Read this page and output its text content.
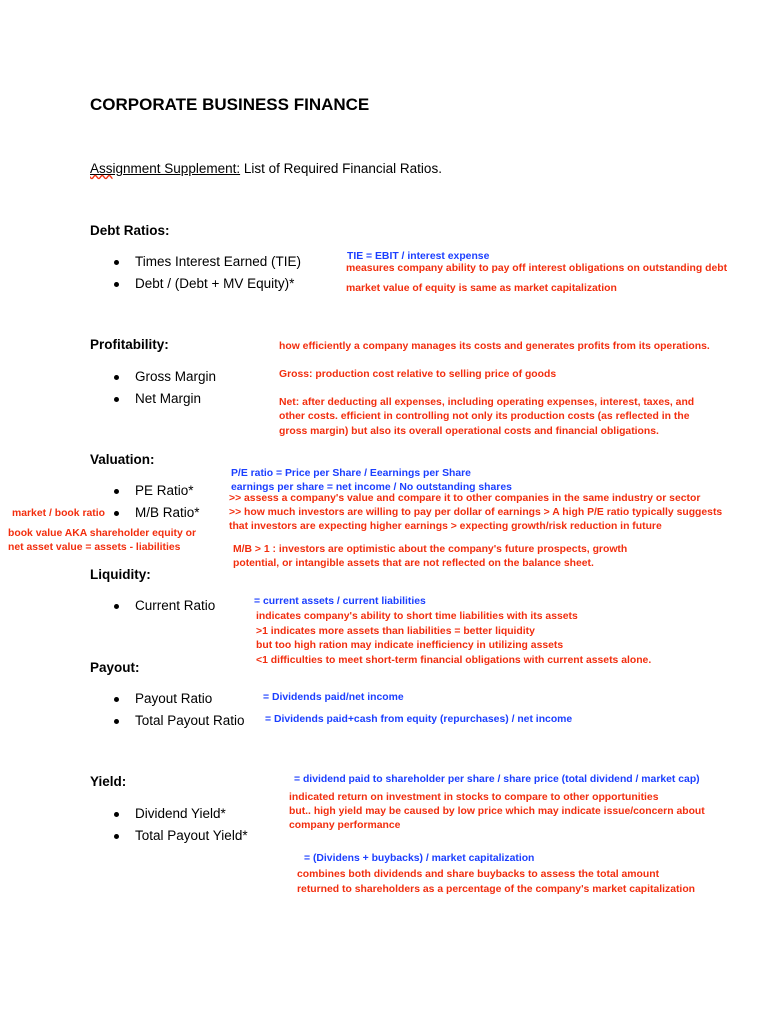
CORPORATE BUSINESS FINANCE
Assignment Supplement: List of Required Financial Ratios.
Debt Ratios:
Times Interest Earned (TIE)
Debt / (Debt + MV Equity)*
TIE = EBIT / interest expense
measures company ability to pay off interest obligations on outstanding debt
market value of equity is same as market capitalization
Profitability:
Gross Margin
Net Margin
how efficiently a company manages its costs and generates profits from its operations.
Gross: production cost relative to selling price of goods
Net: after deducting all expenses, including operating expenses, interest, taxes, and
other costs. efficient in controlling not only its production costs (as reflected in the
gross margin) but also its overall operational costs and financial obligations.
Valuation:
PE Ratio*
M/B Ratio*
P/E ratio = Price per Share / Eearnings per Share
earnings per share = net income / No outstanding shares
>> assess a company's value and compare it to other companies in the same industry or sector
>> how much investors are willing to pay per dollar of earnings > A high P/E ratio typically suggests
that investors are expecting higher earnings > expecting growth/risk reduction in future
M/B > 1 : investors are optimistic about the company's future prospects, growth
potential, or intangible assets that are not reflected on the balance sheet.
market / book ratio
book value AKA shareholder equity or
net asset value = assets - liabilities
Liquidity:
Current Ratio	= current assets / current liabilities
indicates company's ability to short time liabilities with its assets
>1 indicates more assets than liabilities = better liquidity
but too high ration may indicate inefficiency in utilizing assets
<1 difficulties to meet short-term financial obligations with current assets alone.
Payout:
Payout Ratio
Total Payout Ratio
= Dividends paid/net income
= Dividends paid+cash from equity (repurchases) / net income
Yield:
Dividend Yield*
Total Payout Yield*
= dividend paid to shareholder per share / share price (total dividend / market cap)
indicated return on investment in stocks to compare to other opportunities
but.. high yield may be caused by low price which may indicate issue/concern about
company performance
= (Dividens + buybacks) / market capitalization
combines both dividends and share buybacks to assess the total amount
returned to shareholders as a percentage of the company's market capitalization
